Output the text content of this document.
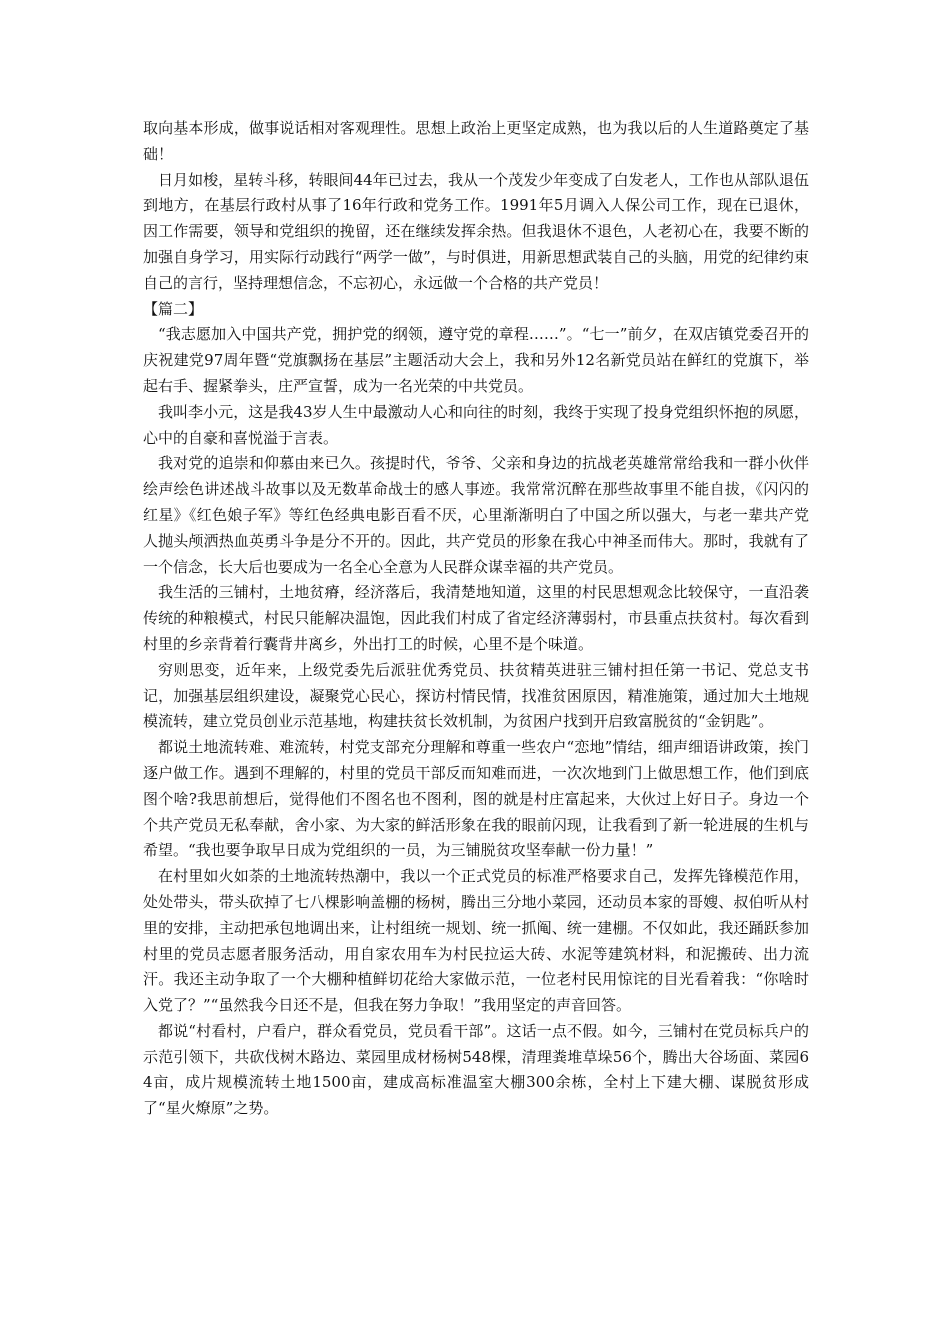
取向基本形成，做事说话相对客观理性。思想上政治上更坚定成熟，也为我以后的人生道路奠定了基础！

日月如梭，星转斗移，转眼间44年已过去，我从一个茂发少年变成了白发老人，工作也从部队退伍到地方，在基层行政村从事了16年行政和党务工作。1991年5月调入人保公司工作，现在已退休，因工作需要，领导和党组织的挽留，还在继续发挥余热。但我退休不退色，人老初心在，我要不断的加强自身学习，用实际行动践行“两学一做”，与时俱进，用新思想武装自己的头脑，用党的纪律约束自己的言行，坚持理想信念，不忘初心，永远做一个合格的共产党员！

【篇二】

“我志愿加入中国共产党，拥护党的纲领，遵守党的章程……”。“七一”前夕，在双店镇党委召开的庆祝建党97周年暨“党旗飘扬在基层”主题活动大会上，我和另外12名新党员站在鲜红的党旗下，举起右手、握紧拳头，庄严宣誓，成为一名光荣的中共党员。

我叫李小元，这是我43岁人生中最激动人心和向往的时刻，我终于实现了投身党组织怀抱的夙愿，心中的自豪和喜悦溢于言表。

我对党的追崇和仰慕由来已久。孩提时代，爷爷、父亲和身边的抗战老英雄常常给我和一群小伙伴绘声绘色讲述战斗故事以及无数革命战士的感人事迹。我常常沉醉在那些故事里不能自拔，《闪闪的红星》《红色娘子军》等红色经典电影百看不厌，心里渐渐明白了中国之所以强大，与老一辈共产党人抛头颅洒热血英勇斗争是分不开的。因此，共产党员的形象在我心中神圣而伟大。那时，我就有了一个信念，长大后也要成为一名全心全意为人民群众谋幸福的共产党员。

我生活的三铺村，土地贫瘠，经济落后，我清楚地知道，这里的村民思想观念比较保守，一直沿袭传统的种粮模式，村民只能解决温饱，因此我们村成了省定经济薄弱村，市县重点扶贫村。每次看到村里的乡亲背着行囊背井离乡，外出打工的时候，心里不是个味道。

穷则思变，近年来，上级党委先后派驻优秀党员、扶贫精英进驻三铺村担任第一书记、党总支书记，加强基层组织建设，凝聚党心民心，探访村情民情，找准贫困原因，精准施策，通过加大土地规模流转，建立党员创业示范基地，构建扶贫长效机制，为贫困户找到开启致富脱贫的“金钥匙”。

都说土地流转难、难流转，村党支部充分理解和尊重一些农户“恋地”情结，细声细语讲政策，挨门逐户做工作。遇到不理解的，村里的党员干部反而知难而进，一次次地到门上做思想工作，他们到底图个啥?我思前想后，觉得他们不图名也不图利，图的就是村庄富起来，大伙过上好日子。身边一个个共产党员无私奉献，舍小家、为大家的鲜活形象在我的眼前闪现，让我看到了新一轮进展的生机与希望。“我也要争取早日成为党组织的一员，为三铺脱贫攻坚奉献一份力量！”

在村里如火如荼的土地流转热潮中，我以一个正式党员的标准严格要求自己，发挥先锋模范作用，处处带头，带头砍掉了七八棵影响盖棚的杨树，腾出三分地小菜园，还动员本家的哥嫂、叔伯听从村里的安排，主动把承包地调出来，让村组统一规划、统一抓阄、统一建棚。不仅如此，我还踊跃参加村里的党员志愿者服务活动，用自家农用车为村民拉运大砖、水泥等建筑材料，和泥搬砖、出力流汗。我还主动争取了一个大棚种植鲜切花给大家做示范，一位老村民用惊诧的目光看着我：“你啥时入党了？”“虽然我今日还不是，但我在努力争取！”我用坚定的声音回答。

都说“村看村，户看户，群众看党员，党员看干部”。这话一点不假。如今，三铺村在党员标兵户的示范引领下，共砍伐树木路边、菜园里成材杨树548棵，清理粪堆草垛56个，腾出大谷场面、菜园64亩，成片规模流转土地1500亩，建成高标准温室大棚300余栋，全村上下建大棚、谋脱贫形成了“星火燎原”之势。
